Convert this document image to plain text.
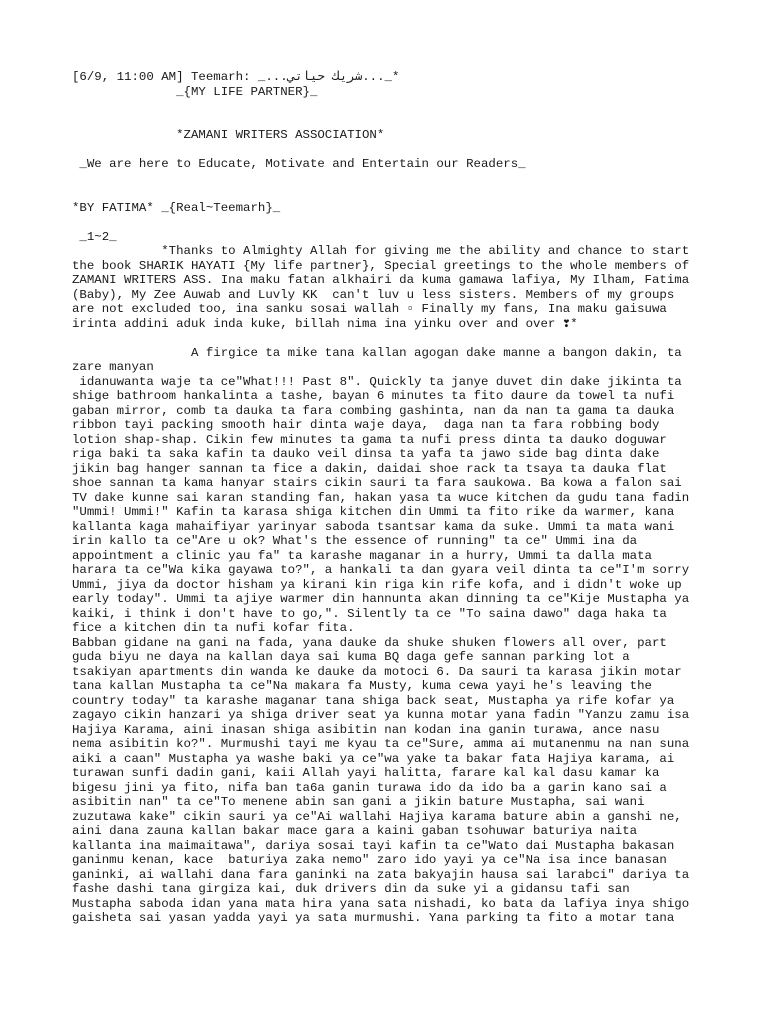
[6/9, 11:00 AM] Teemarh: _...شريك حياتي..._*
_{MY LIFE PARTNER}_
*ZAMANI WRITERS ASSOCIATION*
_We are here to Educate, Motivate and Entertain our Readers_
*BY FATIMA* _{Real~Teemarh}_
_1~2_
*Thanks to Almighty Allah for giving me the ability and chance to start
the book SHARIK HAYATI {My life partner}, Special greetings to the whole members of
ZAMANI WRITERS ASS. Ina maku fatan alkhairi da kuma gamawa lafiya, My Ilham, Fatima
(Baby), My Zee Auwab and Luvly KK  can't luv u less sisters. Members of my groups
are not excluded too, ina sanku sosai wallah ▫ Finally my fans, Ina maku gaisuwa
irinta addini aduk inda kuke, billah nima ina yinku over and over ❣*
A firgice ta mike tana kallan agogan dake manne a bangon dakin, ta
zare manyan
idanuwanta waje ta ce"What!!! Past 8". Quickly ta janye duvet din dake jikinta ta
shige bathroom hankalinta a tashe, bayan 6 minutes ta fito daure da towel ta nufi
gaban mirror, comb ta dauka ta fara combing gashinta, nan da nan ta gama ta dauka
ribbon tayi packing smooth hair dinta waje daya,  daga nan ta fara robbing body
lotion shap-shap. Cikin few minutes ta gama ta nufi press dinta ta dauko doguwar
riga baki ta saka kafin ta dauko veil dinsa ta yafa ta jawo side bag dinta dake
jikin bag hanger sannan ta fice a dakin, daidai shoe rack ta tsaya ta dauka flat
shoe sannan ta kama hanyar stairs cikin sauri ta fara saukowa. Ba kowa a falon sai
TV dake kunne sai karan standing fan, hakan yasa ta wuce kitchen da gudu tana fadin
"Ummi! Ummi!" Kafin ta karasa shiga kitchen din Ummi ta fito rike da warmer, kana
kallanta kaga mahaifiyar yarinyar saboda tsantsar kama da suke. Ummi ta mata wani
irin kallo ta ce"Are u ok? What's the essence of running" ta ce" Ummi ina da
appointment a clinic yau fa" ta karashe maganar in a hurry, Ummi ta dalla mata
harara ta ce"Wa kika gayawa to?", a hankali ta dan gyara veil dinta ta ce"I'm sorry
Ummi, jiya da doctor hisham ya kirani kin riga kin rife kofa, and i didn't woke up
early today". Ummi ta ajiye warmer din hannunta akan dinning ta ce"Kije Mustapha ya
kaiki, i think i don't have to go,". Silently ta ce "To saina dawo" daga haka ta
fice a kitchen din ta nufi kofar fita.
Babban gidane na gani na fada, yana dauke da shuke shuken flowers all over, part
guda biyu ne daya na kallan daya sai kuma BQ daga gefe sannan parking lot a
tsakiyan apartments din wanda ke dauke da motoci 6. Da sauri ta karasa jikin motar
tana kallan Mustapha ta ce"Na makara fa Musty, kuma cewa yayi he's leaving the
country today" ta karashe maganar tana shiga back seat, Mustapha ya rife kofar ya
zagayo cikin hanzari ya shiga driver seat ya kunna motar yana fadin "Yanzu zamu isa
Hajiya Karama, aini inasan shiga asibitin nan kodan ina ganin turawa, ance nasu
nema asibitin ko?". Murmushi tayi me kyau ta ce"Sure, amma ai mutanenmu na nan suna
aiki a caan" Mustapha ya washe baki ya ce"wa yake ta bakar fata Hajiya karama, ai
turawan sunfi dadin gani, kaii Allah yayi halitta, farare kal kal dasu kamar ka
bigesu jini ya fito, nifa ban ta6a ganin turawa ido da ido ba a garin kano sai a
asibitin nan" ta ce"To menene abin san gani a jikin bature Mustapha, sai wani
zuzutawa kake" cikin sauri ya ce"Ai wallahi Hajiya karama bature abin a ganshi ne,
aini dana zauna kallan bakar mace gara a kaini gaban tsohuwar baturiya naita
kallanta ina maimaitawa", dariya sosai tayi kafin ta ce"Wato dai Mustapha bakasan
ganinmu kenan, kace  baturiya zaka nemo" zaro ido yayi ya ce"Na isa ince banasan
ganinki, ai wallahi dana fara ganinki na zata bakyajin hausa sai larabci" dariya ta
fashe dashi tana girgiza kai, duk drivers din da suke yi a gidansu tafi san
Mustapha saboda idan yana mata hira yana sata nishadi, ko bata da lafiya inya shigo
gaisheta sai yasan yadda yayi ya sata murmushi. Yana parking ta fito a motar tana
